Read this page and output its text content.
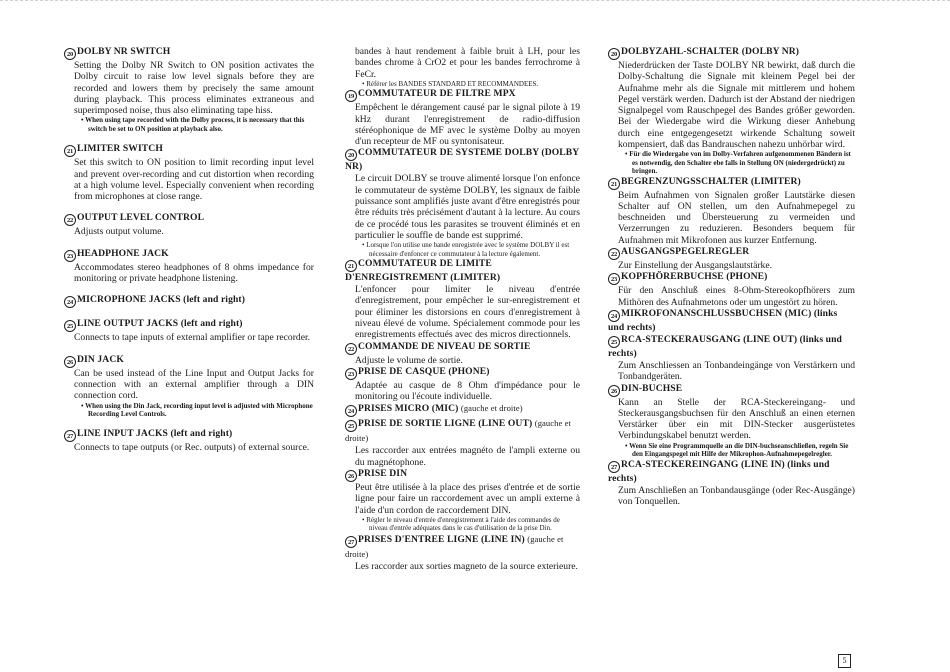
20 DOLBY NR SWITCH
Setting the Dolby NR Switch to ON position activates the Dolby circuit to raise low level signals before they are recorded and lowers them by precisely the same amount during playback. This process eliminates extraneous and superimposed noise, thus also eliminating tape hiss.
• When using tape recorded with the Dolby process, it is necessary that this switch be set to ON position at playback also.
21 LIMITER SWITCH
Set this switch to ON position to limit recording input level and prevent over-recording and cut distortion when recording at a high volume level. Especially convenient when recording from microphones at close range.
22 OUTPUT LEVEL CONTROL
Adjusts output volume.
23 HEADPHONE JACK
Accommodates stereo headphones of 8 ohms impedance for monitoring or private headphone listening.
24 MICROPHONE JACKS (left and right)
25 LINE OUTPUT JACKS (left and right)
Connects to tape inputs of external amplifier or tape recorder.
26 DIN JACK
Can be used instead of the Line Input and Output Jacks for connection with an external amplifier through a DIN connection cord.
• When using the Din Jack, recording input level is adjusted with Microphone Recording Level Controls.
27 LINE INPUT JACKS (left and right)
Connects to tape outputs (or Rec. outputs) of external source.
bandes à haut rendement à faible bruit à LH, pour les bandes chrome à CrO2 et pour les bandes ferrochrome à FeCr.
• Référer les BANDES STANDARD ET RECOMMANDEES.
19 COMMUTATEUR DE FILTRE MPX
Empêchent le dérangement causé par le signal pilote à 19 kHz durant l'enregistrement de radio-diffusion stéréophonique de MF avec le système Dolby au moyen d'un recepteur de MF ou syntonisateur.
20 COMMUTATEUR DE SYSTEME DOLBY (DOLBY NR)
Le circuit DOLBY se trouve alimenté lorsque l'on enfonce le commutateur de système DOLBY, les signaux de faible puissance sont amplifiés juste avant d'être enregistrés pour être réduits très précisément d'autant à la lecture. Au cours de ce procédé tous les parasites se trouvent éliminés et en particulier le souffle de bande est supprimé.
• Lorsque l'on utilise une bande enregistrée avec le système DOLBY il est nécessaire d'enfoncer ce commutateur à la lecture également.
21 COMMUTATEUR DE LIMITE D'ENREGISTREMENT (LIMITER)
L'enfoncer pour limiter le niveau d'entrée d'enregistrement, pour empêcher le sur-enregistrement et pour éliminer les distorsions en cours d'enregistrement à niveau élevé de volume. Spécialement commode pour les enregistrements effectués avec des micros directionnels.
22 COMMANDE DE NIVEAU DE SORTIE
Adjuste le volume de sortie.
23 PRISE DE CASQUE (PHONE)
Adaptée au casque de 8 Ohm d'impédance pour le monitoring ou l'écoute individuelle.
24 PRISES MICRO (MIC) (gauche et droite)
25 PRISE DE SORTIE LIGNE (LINE OUT) (gauche et droite)
Les raccorder aux entrées magnéto de l'ampli externe ou du magnétophone.
26 PRISE DIN
Peut être utilisée à la place des prises d'entrée et de sortie ligne pour faire un raccordement avec un ampli externe à l'aide d'un cordon de raccordement DIN.
• Régler le niveau d'entrée d'enregistrement à l'aide des commandes de niveau d'entrée adéquates dans le cas d'utilisation de la prise Din.
27 PRISES D'ENTREE LIGNE (LINE IN) (gauche et droite)
Les raccorder aux sorties magneto de la source exterieure.
20 DOLBYZAHL-SCHALTER (DOLBY NR)
Niederdrücken der Taste DOLBY NR bewirkt, daß durch die Dolby-Schaltung die Signale mit kleinem Pegel bei der Aufnahme mehr als die Signale mit mittlerem und hohem Pegel verstärk werden. Dadurch ist der Abstand der niedrigen Signalpegel vom Rauschpegel des Bandes größer geworden. Bei der Wiedergabe wird die Wirkung dieser Anhebung durch eine entgegengesetzt wirkende Schaltung soweit kompensiert, daß das Bandrauschen nahezu unhörbar wird.
• Für die Wiedergabe von im Dolby-Verfahren aufgenommenen Bändern ist es notwendig, den Schalter ebe falls in Stellung ON (niedergedrückt) zu bringen.
21 BEGRENZUNGSSCHALTER (LIMITER)
Beim Aufnahmen von Signalen großer Lautstärke diesen Schalter auf ON stellen, um den Aufnahmepegel zu beschneiden und Übersteuerung zu vermeiden und Verzerrungen zu reduzieren. Besonders bequem für Aufnahmen mit Mikrofonen aus kurzer Entfernung.
22 AUSGANGSPEGELREGLER
Zur Einstellung der Ausgangslautstärke.
23 KOPFHÖRERBUCHSE (PHONE)
Für den Anschluß eines 8-Ohm-Stereokopfhörers zum Mithören des Aufnahmetons oder um ungestört zu hören.
24 MIKROFONANSCHLUSSBUCHSEN (MIC) (links und rechts)
25 RCA-STECKERAUSGANG (LINE OUT) (links und rechts)
Zum Anschliessen an Tonbandeingänge von Verstärkern und Tonbandgeräten.
26 DIN-BUCHSE
Kann an Stelle der RCA-Steckereingang- und Steckerausgangsbuchsen für den Anschluß an einen eternen Verstärker über ein mit DIN-Stecker ausgerüstetes Verbindungskabel benutzt werden.
• Wenn Sie eine Programmquelle an die DIN-buchseanschließen, regeln Sie den Eingangspegel mit Hilfe der Mikrophon-Aufnahmepegelregler.
27 RCA-STECKEREINGANG (LINE IN) (links und rechts)
Zum Anschließen an Tonbandausgänge (oder Rec-Ausgänge) von Tonquellen.
5
